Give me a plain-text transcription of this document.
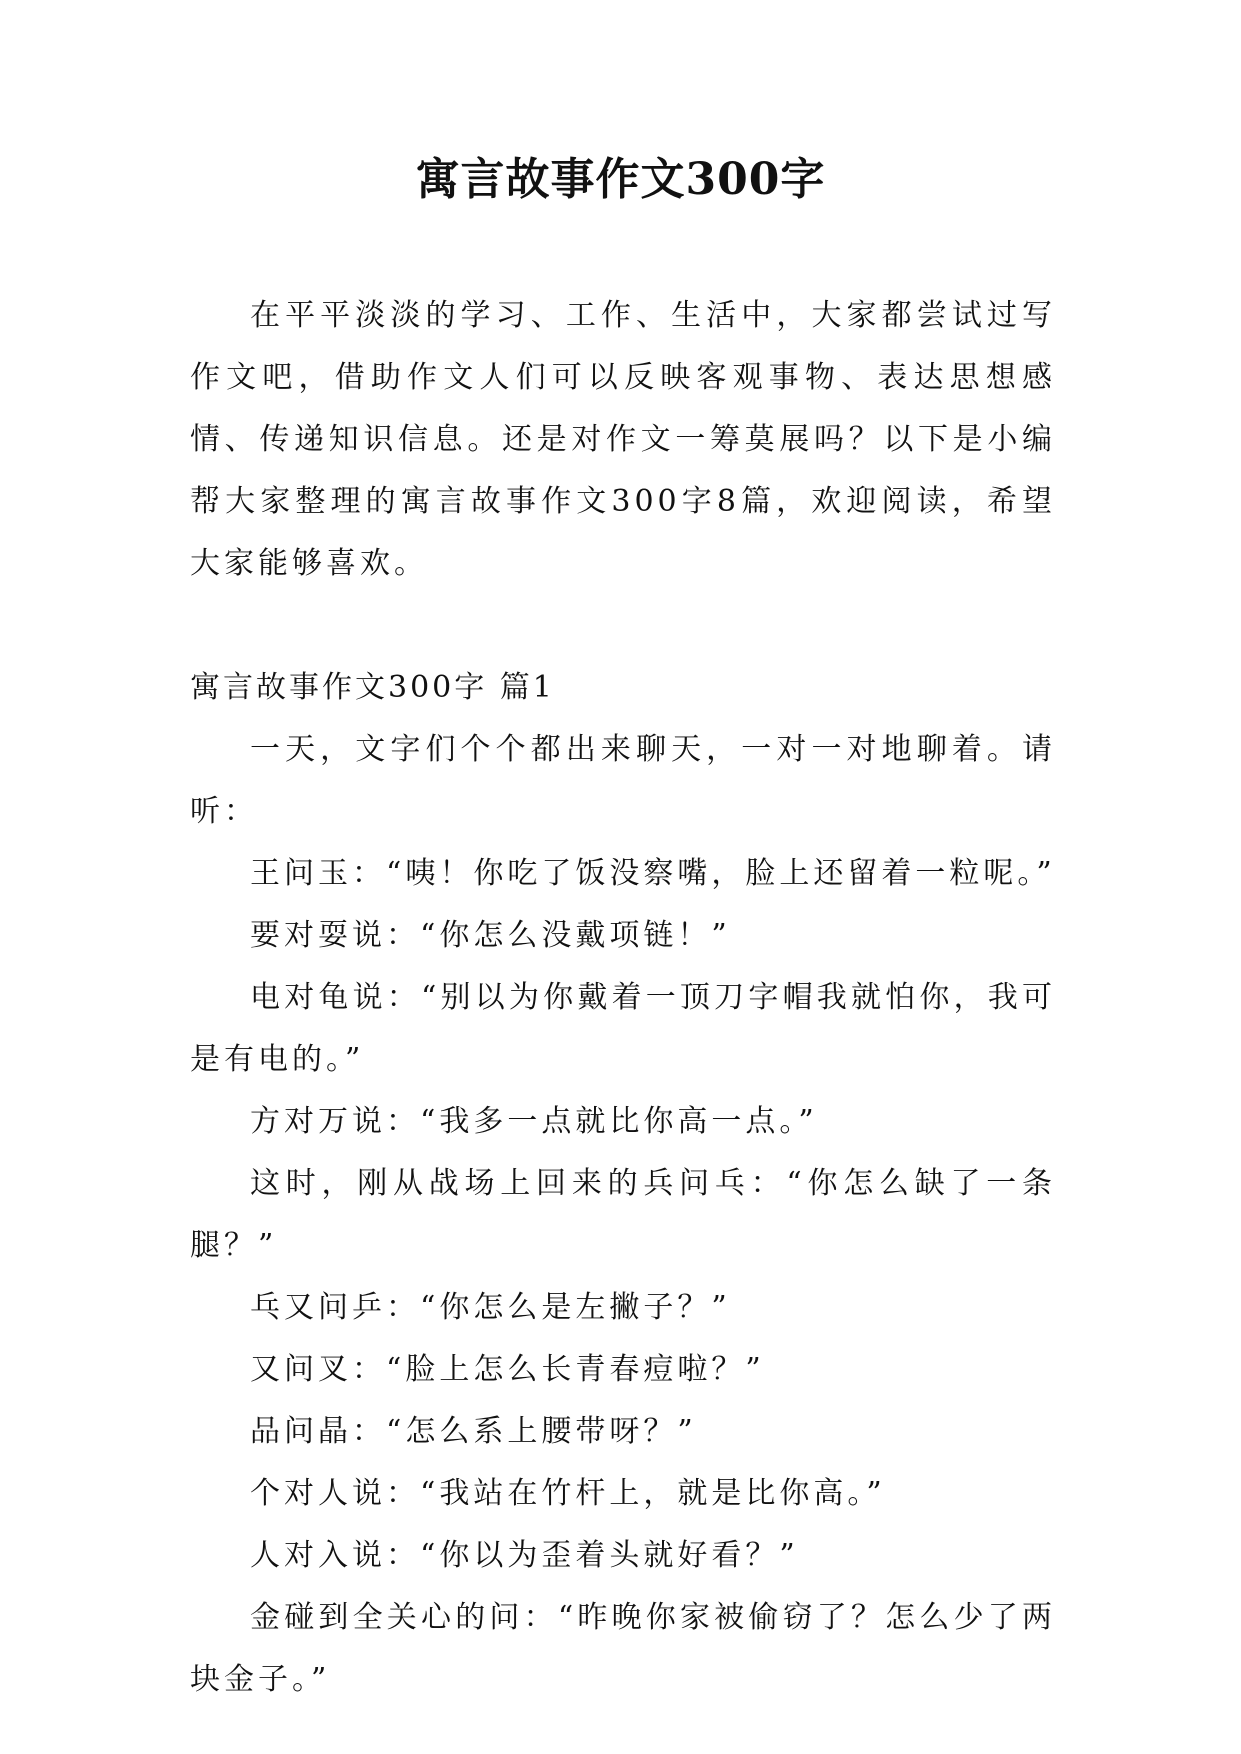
寓言故事作文300字

在平平淡淡的学习、工作、生活中，大家都尝试过写作文吧，借助作文人们可以反映客观事物、表达思想感情、传递知识信息。还是对作文一筹莫展吗？以下是小编帮大家整理的寓言故事作文300字8篇，欢迎阅读，希望大家能够喜欢。

寓言故事作文300字 篇1

一天，文字们个个都出来聊天，一对一对地聊着。请听：

王问玉：“咦！你吃了饭没察嘴，脸上还留着一粒呢。”

要对耍说：“你怎么没戴项链！”

电对龟说：“别以为你戴着一顶刀字帽我就怕你，我可是有电的。”

方对万说：“我多一点就比你高一点。”

这时，刚从战场上回来的兵问乓：“你怎么缺了一条腿？”

乓又问乒：“你怎么是左撇子？”

又问叉：“脸上怎么长青春痘啦？”

品问晶：“怎么系上腰带呀？”

个对人说：“我站在竹杆上，就是比你高。”

人对入说：“你以为歪着头就好看？”

金碰到全关心的问：“昨晚你家被偷窃了？怎么少了两块金子。”
